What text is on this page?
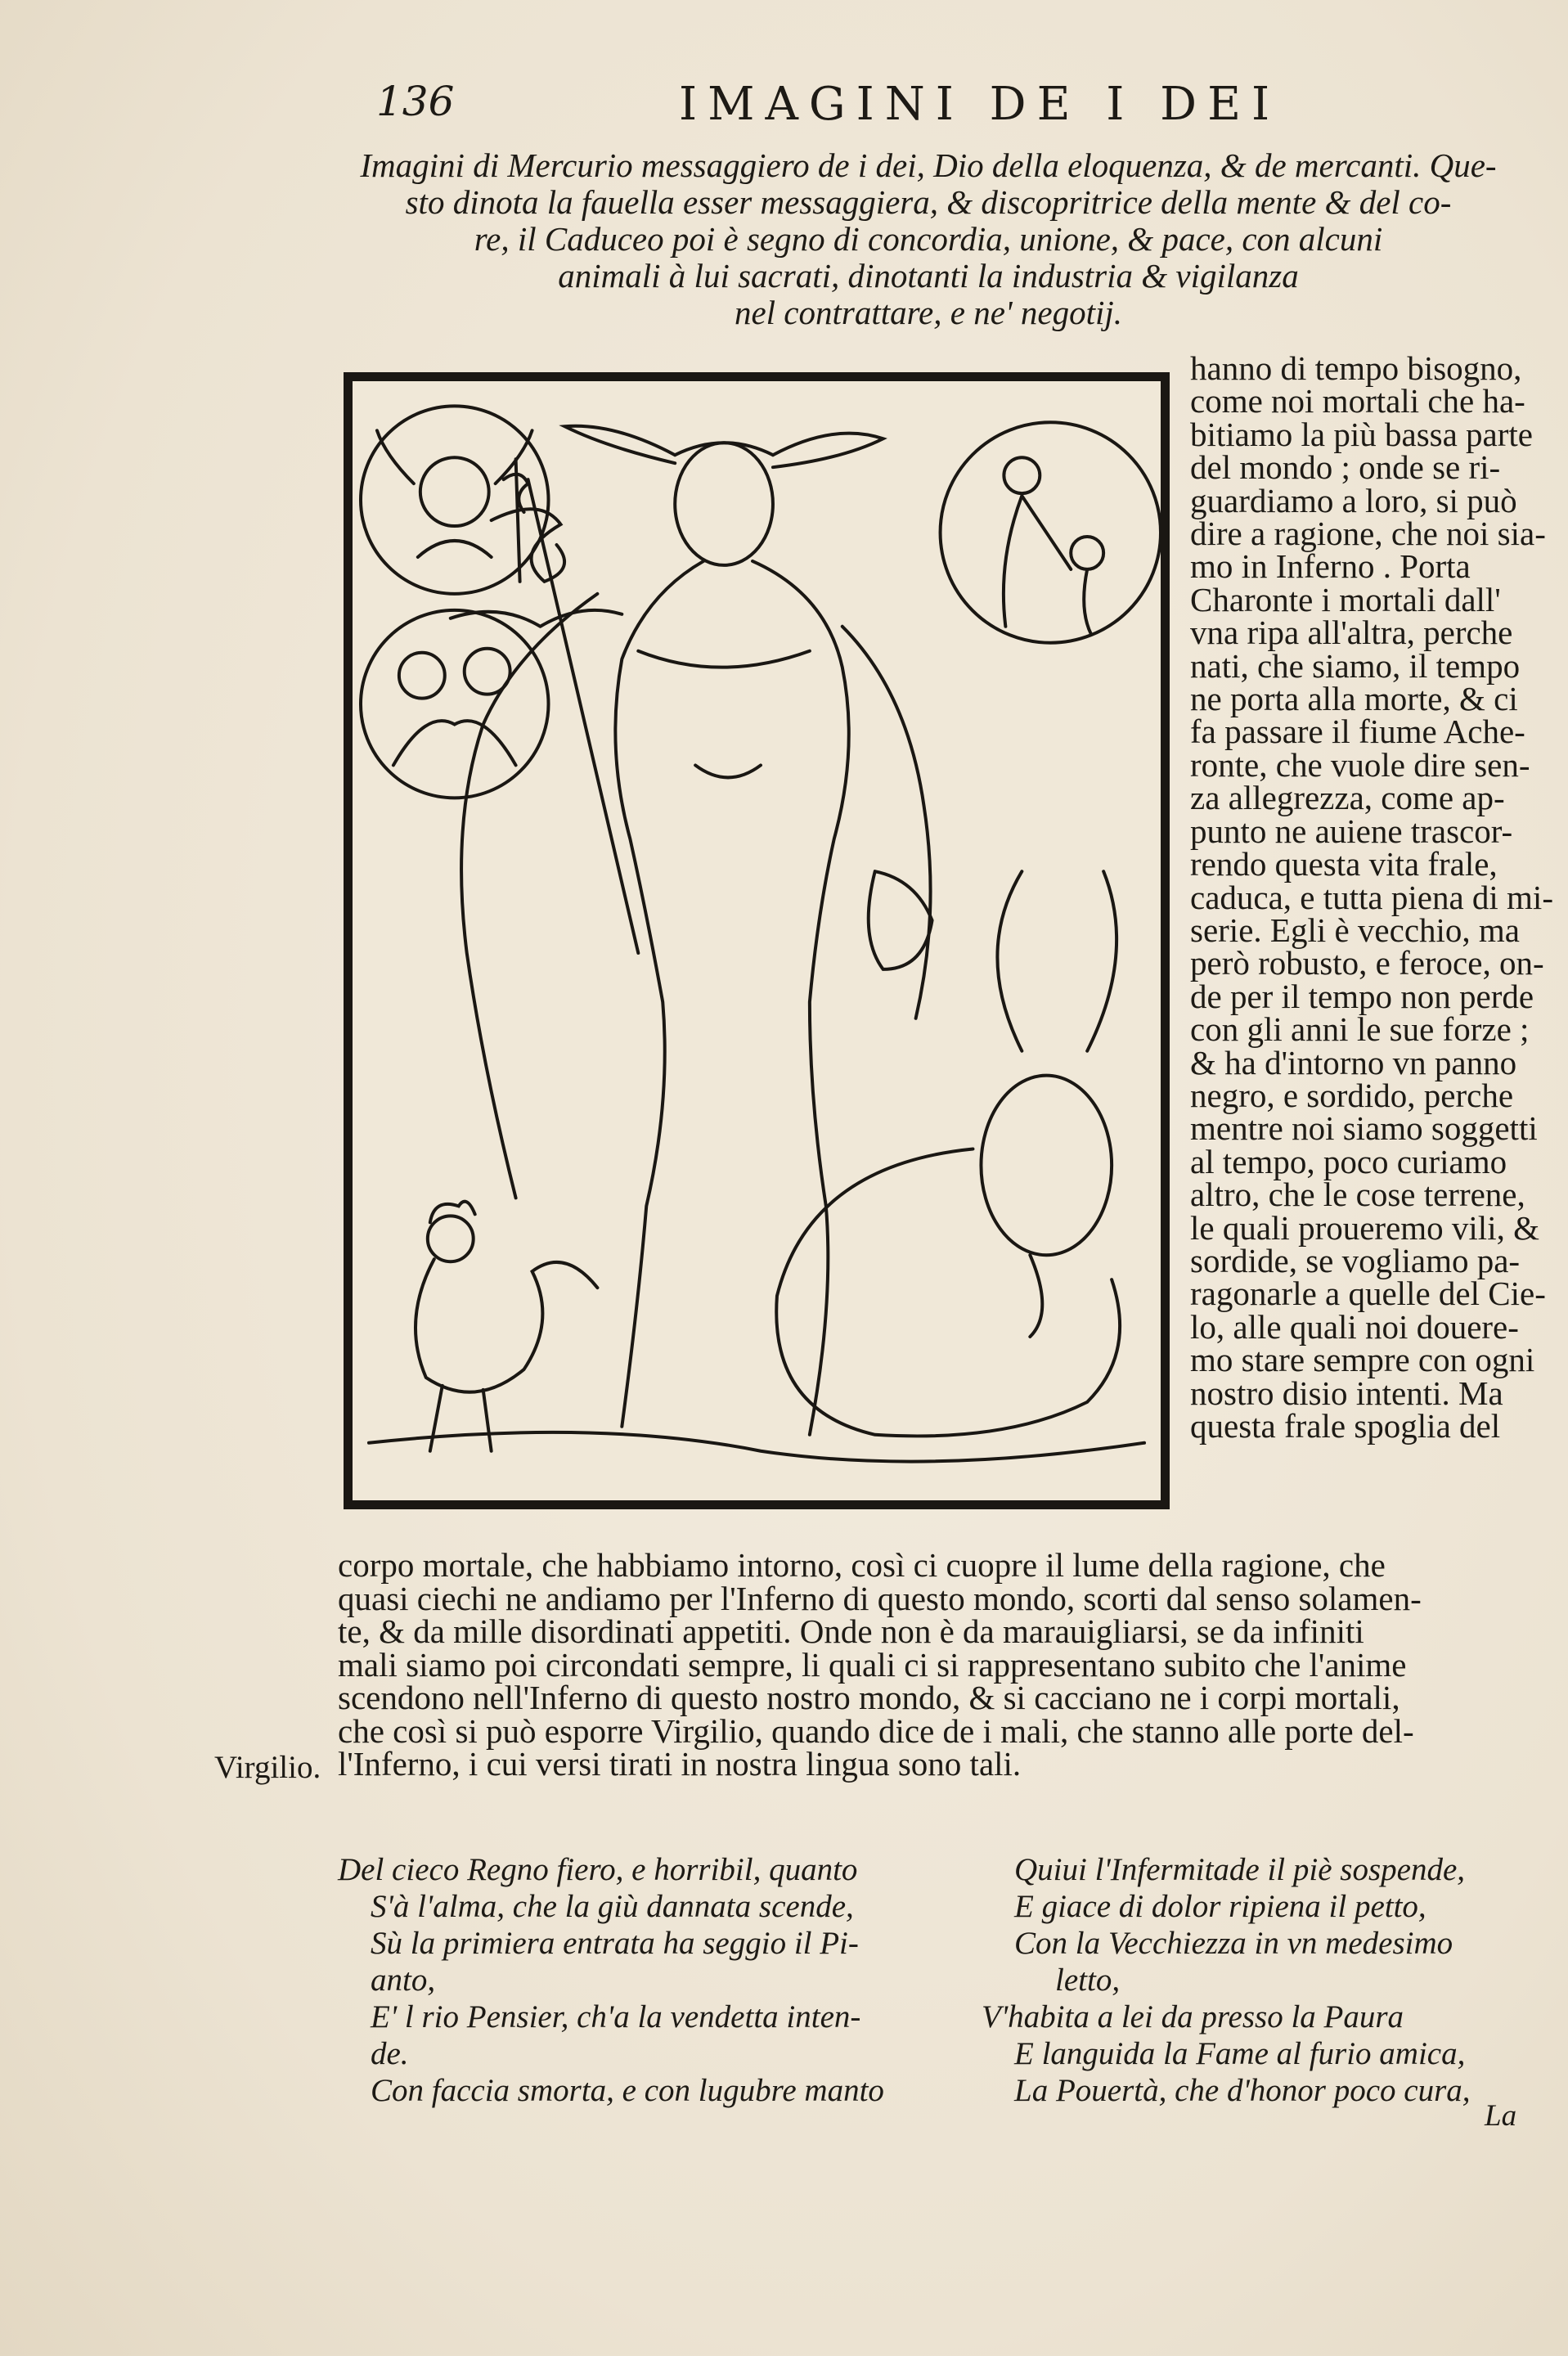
136	IMAGINI DE I DEI
Imagini di Mercurio messaggiero de i dei, Dio della eloquenza, & de mercanti. Que-
sto dinota la fauella esser messaggiera, & discopritrice della mente & del co-
re, il Caduceo poi è segno di concordia, unione, & pace, con alcuni
animali à lui sacrati, dinotanti la industria & vigilanza
nel contrattare, e ne' negotij.
hanno di tempo bisogno,
come noi mortali che ha-
bitiamo la più bassa parte
del mondo ; onde se ri-
guardiamo a loro, si può
dire a ragione, che noi sia-
mo in Inferno . Porta
Charonte i mortali dall'
vna ripa all'altra, perche
nati, che siamo, il tempo
ne porta alla morte, & ci
fa passare il fiume Ache-
ronte, che vuole dire sen-
za allegrezza, come ap-
punto ne auiene trascor-
rendo questa vita frale,
caduca, e tutta piena di mi-
serie. Egli è vecchio, ma
però robusto, e feroce, on-
de per il tempo non perde
con gli anni le sue forze ;
& ha d'intorno vn panno
negro, e sordido, perche
mentre noi siamo soggetti
al tempo, poco curiamo
altro, che le cose terrene,
le quali proueremo vili, &
sordide, se vogliamo pa-
ragonarle a quelle del Cie-
lo, alle quali noi douere-
mo stare sempre con ogni
nostro disio intenti. Ma
questa frale spoglia del
corpo mortale, che habbiamo intorno, così ci cuopre il lume della ragione, che
quasi ciechi ne andiamo per l'Inferno di questo mondo, scorti dal senso solamen-
te, & da mille disordinati appetiti. Onde non è da marauigliarsi, se da infiniti
mali siamo poi circondati sempre, li quali ci si rappresentano subito che l'anime
scendono nell'Inferno di questo nostro mondo, & si cacciano ne i corpi mortali,
che così si può esporre Virgilio, quando dice de i mali, che stanno alle porte del-
l'Inferno, i cui versi tirati in nostra lingua sono tali.
Virgilio.
Del cieco Regno fiero, e horribil, quanto
S'à l'alma, che la giù dannata scende,
Sù la primiera entrata ha seggio il Pi-
anto,
E' l rio Pensier, ch'a la vendetta inten-
de.
Con faccia smorta, e con lugubre manto
Quiui l'Infermitade il piè sospende,
E giace di dolor ripiena il petto,
Con la Vecchiezza in vn medesimo
letto,
V'habita a lei da presso la Paura
E languida la Fame al furio amica,
La Pouertà, che d'honor poco cura,
La
